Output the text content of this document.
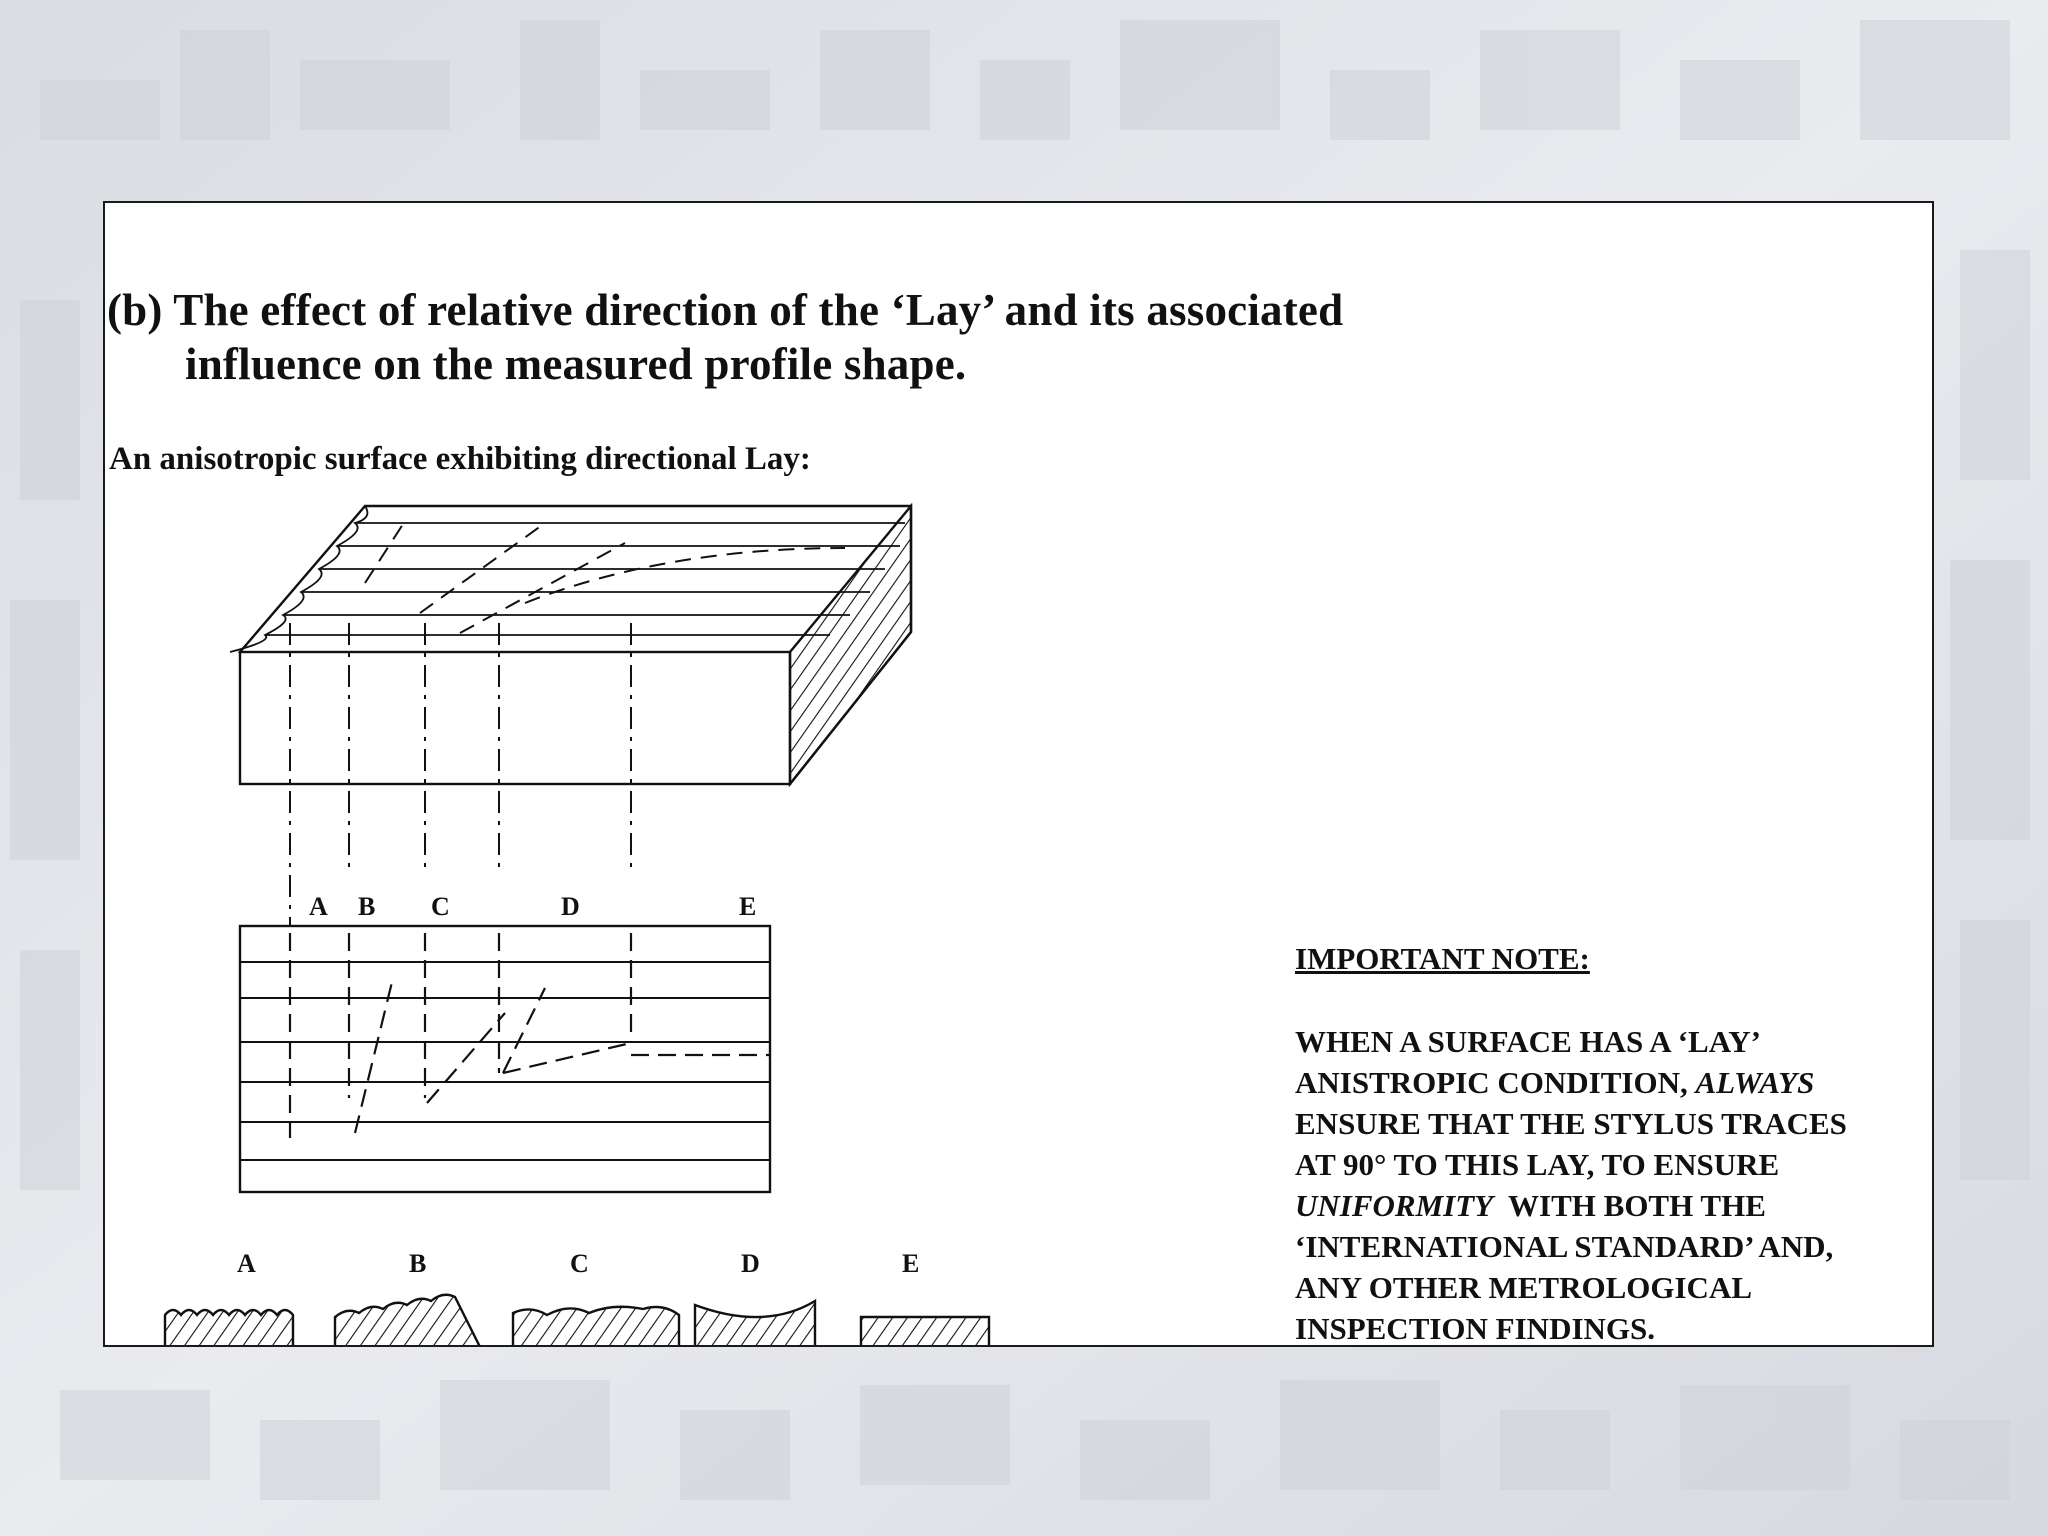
(b) The effect of relative direction of the ‘Lay’ and its associated
influence on the measured profile shape.

An anisotropic surface exhibiting directional Lay:

A B C	D	E
A	B	C	D	E
IMPORTANT NOTE:
WHEN A SURFACE HAS A ‘LAY’
ANISTROPIC CONDITION, ALWAYS
ENSURE THAT THE STYLUS TRACES
AT 90° TO THIS LAY, TO ENSURE
UNIFORMITY  WITH BOTH THE
‘INTERNATIONAL STANDARD’ AND,
ANY OTHER METROLOGICAL
INSPECTION FINDINGS.
